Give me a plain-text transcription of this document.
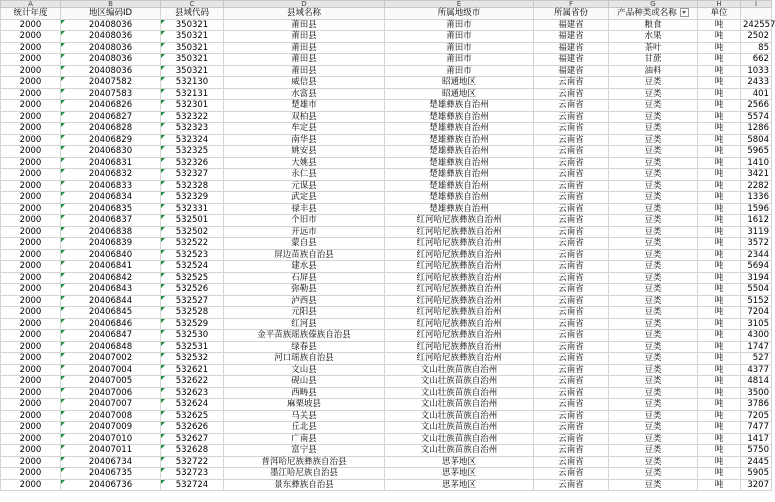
A	B	C	D	E	F	G	H	I
统计年度	地区编码ID	县域代码	县域名称	所属地级市	所属省份	产品种类或名称	单位	
2000	20408036	350321	莆田县	莆田市	福建省	粮食	吨	242557
2000	20408036	350321	莆田县	莆田市	福建省	水果	吨	2502
2000	20408036	350321	莆田县	莆田市	福建省	茶叶	吨	85
2000	20408036	350321	莆田县	莆田市	福建省	甘蔗	吨	662
2000	20408036	350321	莆田县	莆田市	福建省	油料	吨	1033
2000	20407582	532130	威信县	昭通地区	云南省	豆类	吨	2433
2000	20407583	532131	水富县	昭通地区	云南省	豆类	吨	401
2000	20406826	532301	楚雄市	楚雄彝族自治州	云南省	豆类	吨	2566
2000	20406827	532322	双柏县	楚雄彝族自治州	云南省	豆类	吨	5574
2000	20406828	532323	牟定县	楚雄彝族自治州	云南省	豆类	吨	1286
2000	20406829	532324	南华县	楚雄彝族自治州	云南省	豆类	吨	5804
2000	20406830	532325	姚安县	楚雄彝族自治州	云南省	豆类	吨	5965
2000	20406831	532326	大姚县	楚雄彝族自治州	云南省	豆类	吨	1410
2000	20406832	532327	永仁县	楚雄彝族自治州	云南省	豆类	吨	3421
2000	20406833	532328	元谋县	楚雄彝族自治州	云南省	豆类	吨	2282
2000	20406834	532329	武定县	楚雄彝族自治州	云南省	豆类	吨	1336
2000	20406835	532331	禄丰县	楚雄彝族自治州	云南省	豆类	吨	1596
2000	20406837	532501	个旧市	红河哈尼族彝族自治州	云南省	豆类	吨	1612
2000	20406838	532502	开远市	红河哈尼族彝族自治州	云南省	豆类	吨	3119
2000	20406839	532522	蒙自县	红河哈尼族彝族自治州	云南省	豆类	吨	3572
2000	20406840	532523	屏边苗族自治县	红河哈尼族彝族自治州	云南省	豆类	吨	2344
2000	20406841	532524	建水县	红河哈尼族彝族自治州	云南省	豆类	吨	5694
2000	20406842	532525	石屏县	红河哈尼族彝族自治州	云南省	豆类	吨	3194
2000	20406843	532526	弥勒县	红河哈尼族彝族自治州	云南省	豆类	吨	5504
2000	20406844	532527	泸西县	红河哈尼族彝族自治州	云南省	豆类	吨	5152
2000	20406845	532528	元阳县	红河哈尼族彝族自治州	云南省	豆类	吨	7204
2000	20406846	532529	红河县	红河哈尼族彝族自治州	云南省	豆类	吨	3105
2000	20406847	532530	金平苗族瑶族傣族自治县	红河哈尼族彝族自治州	云南省	豆类	吨	4300
2000	20406848	532531	绿春县	红河哈尼族彝族自治州	云南省	豆类	吨	1747
2000	20407002	532532	河口瑶族自治县	红河哈尼族彝族自治州	云南省	豆类	吨	527
2000	20407004	532621	文山县	文山壮族苗族自治州	云南省	豆类	吨	4377
2000	20407005	532622	砚山县	文山壮族苗族自治州	云南省	豆类	吨	4814
2000	20407006	532623	西畴县	文山壮族苗族自治州	云南省	豆类	吨	3500
2000	20407007	532624	麻栗坡县	文山壮族苗族自治州	云南省	豆类	吨	3786
2000	20407008	532625	马关县	文山壮族苗族自治州	云南省	豆类	吨	7205
2000	20407009	532626	丘北县	文山壮族苗族自治州	云南省	豆类	吨	7477
2000	20407010	532627	广南县	文山壮族苗族自治州	云南省	豆类	吨	1417
2000	20407011	532628	富宁县	文山壮族苗族自治州	云南省	豆类	吨	5750
2000	20406734	532722	普洱哈尼族彝族自治县	思茅地区	云南省	豆类	吨	2445
2000	20406735	532723	墨江哈尼族自治县	思茅地区	云南省	豆类	吨	5905
2000	20406736	532724	景东彝族自治县	思茅地区	云南省	豆类	吨	3207
